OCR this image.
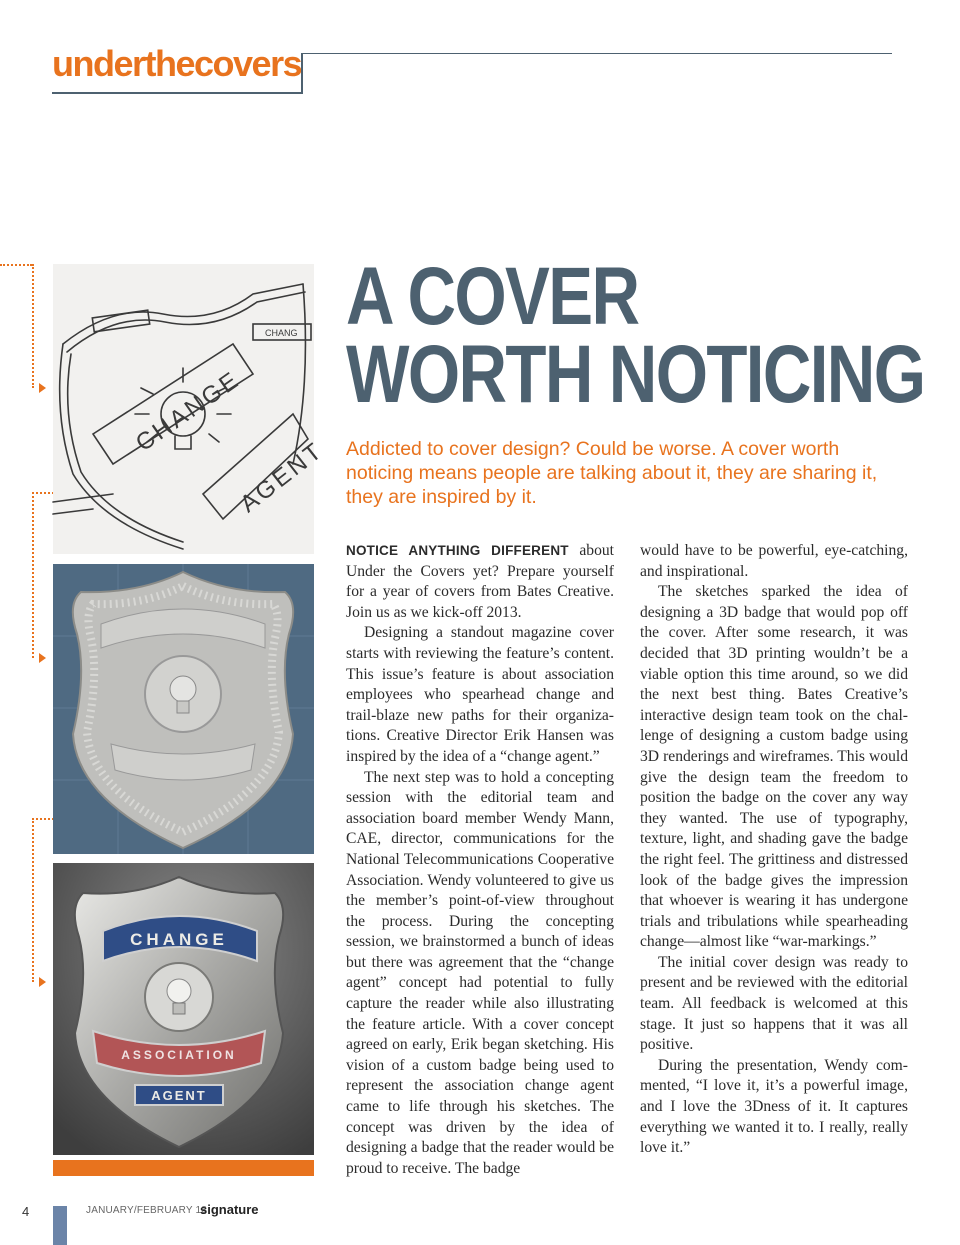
underthecovers
CHANGE
AGENT
CHANG
CHANGE
ASSOCIATION
AGENT
A COVER
WORTH NOTICING
Addicted to cover design? Could be worse. A cover worth noticing means people are talking about it, they are sharing it, they are inspired by it.

NOTICE ANYTHING DIFFERENT about Under the Covers yet? Prepare yourself for a year of covers from Bates Creative. Join us as we kick-off 2013.

Designing a standout magazine cover starts with reviewing the feature’s content. This issue’s feature is about association employees who spearhead change and trail-blaze new paths for their organizations. Creative Director Erik Hansen was inspired by the idea of a “change agent.”

The next step was to hold a concepting session with the editorial team and association board member Wendy Mann, CAE, director, communications for the National Telecommunications Cooperative Association. Wendy volunteered to give us the member’s point-of-view throughout the process. During the concepting session, we brainstormed a bunch of ideas but there was agreement that the “change agent” concept had potential to fully capture the reader while also illustrating the feature article. With a cover concept agreed on early, Erik began sketching. His vision of a custom badge being used to represent the association change agent came to life through his sketches. The concept was driven by the idea of designing a badge that the reader would be proud to receive. The badge

would have to be powerful, eye-catching, and inspirational.

The sketches sparked the idea of designing a 3D badge that would pop off the cover. After some research, it was decided that 3D printing wouldn’t be a viable option this time around, so we did the next best thing. Bates Creative’s interactive design team took on the challenge of designing a custom badge using 3D renderings and wireframes. This would give the design team the freedom to position the badge on the cover any way they wanted. The use of typography, texture, light, and shading gave the badge the right feel. The grittiness and distressed look of the badge gives the impression that whoever is wearing it has undergone trials and tribulations while spearheading change—almost like “war-markings.”

The initial cover design was ready to present and be reviewed with the editorial team. All feedback is welcomed at this stage. It just so happens that it was all positive.

During the presentation, Wendy commented, “I love it, it’s a powerful image, and I love the 3Dness of it. It captures everything we wanted it to. I really, really love it.”

4	JANUARY/FEBRUARY 13
signature
